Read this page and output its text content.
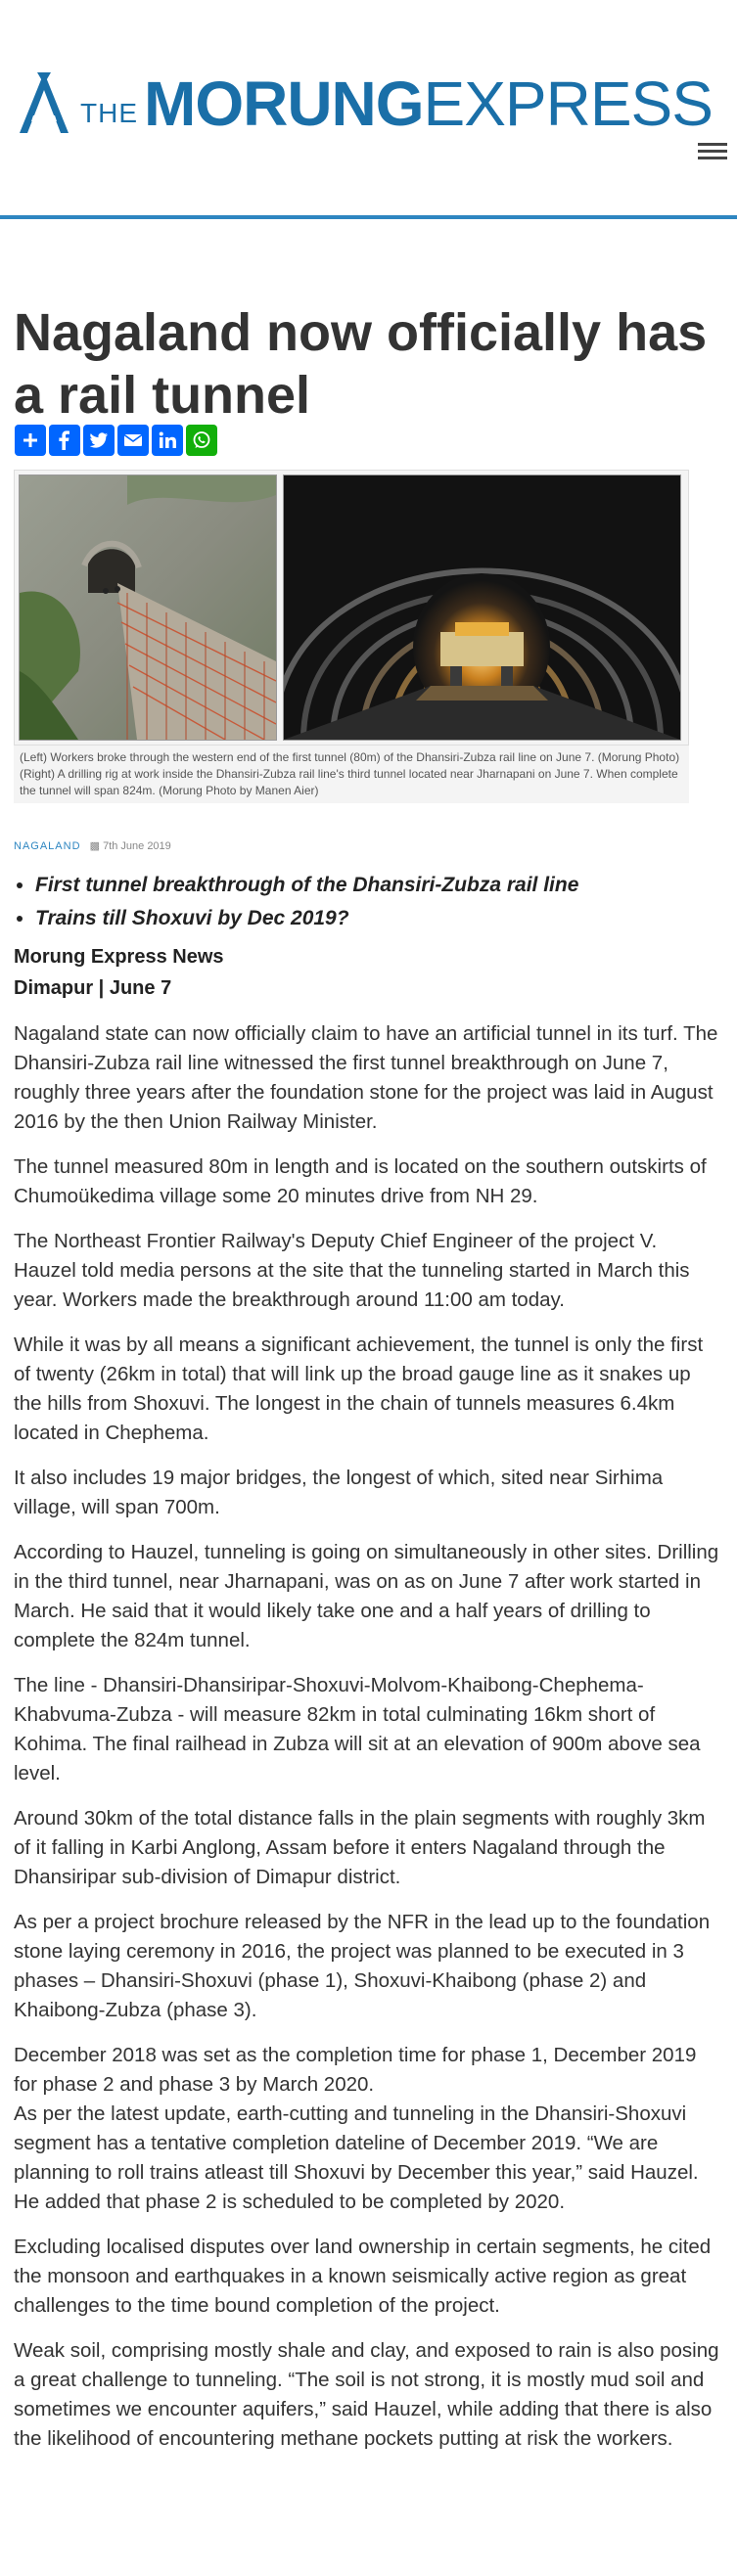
THE MORUNG EXPRESS
Nagaland now officially has a rail tunnel
(Left) Workers broke through the western end of the first tunnel (80m) of the Dhansiri-Zubza rail line on June 7. (Morung Photo) (Right) A drilling rig at work inside the Dhansiri-Zubza rail line's third tunnel located near Jharnapani on June 7. When complete the tunnel will span 824m. (Morung Photo by Manen Aier)
NAGALAND ▩ 7th June 2019
• First tunnel breakthrough of the Dhansiri-Zubza rail line
• Trains till Shoxuvi by Dec 2019?
Morung Express News
Dimapur | June 7

Nagaland state can now officially claim to have an artificial tunnel in its turf. The Dhansiri-Zubza rail line witnessed the first tunnel breakthrough on June 7, roughly three years after the foundation stone for the project was laid in August 2016 by the then Union Railway Minister.

The tunnel measured 80m in length and is located on the southern outskirts of Chumoükedima village some 20 minutes drive from NH 29.

The Northeast Frontier Railway's Deputy Chief Engineer of the project V. Hauzel told media persons at the site that the tunneling started in March this year. Workers made the breakthrough around 11:00 am today.

While it was by all means a significant achievement, the tunnel is only the first of twenty (26km in total) that will link up the broad gauge line as it snakes up the hills from Shoxuvi. The longest in the chain of tunnels measures 6.4km located in Chephema.

It also includes 19 major bridges, the longest of which, sited near Sirhima village, will span 700m.

According to Hauzel, tunneling is going on simultaneously in other sites. Drilling in the third tunnel, near Jharnapani, was on as on June 7 after work started in March. He said that it would likely take one and a half years of drilling to complete the 824m tunnel.

The line - Dhansiri-Dhansiripar-Shoxuvi-Molvom-Khaibong-Chephema-Khabvuma-Zubza - will measure 82km in total culminating 16km short of Kohima. The final railhead in Zubza will sit at an elevation of 900m above sea level.

Around 30km of the total distance falls in the plain segments with roughly 3km of it falling in Karbi Anglong, Assam before it enters Nagaland through the Dhansiripar sub-division of Dimapur district.

As per a project brochure released by the NFR in the lead up to the foundation stone laying ceremony in 2016, the project was planned to be executed in 3 phases – Dhansiri-Shoxuvi (phase 1), Shoxuvi-Khaibong (phase 2) and Khaibong-Zubza (phase 3).

December 2018 was set as the completion time for phase 1, December 2019 for phase 2 and phase 3 by March 2020.

As per the latest update, earth-cutting and tunneling in the Dhansiri-Shoxuvi segment has a tentative completion dateline of December 2019. “We are planning to roll trains atleast till Shoxuvi by December this year,” said Hauzel. He added that phase 2 is scheduled to be completed by 2020.

Excluding localised disputes over land ownership in certain segments, he cited the monsoon and earthquakes in a known seismically active region as great challenges to the time bound completion of the project.

Weak soil, comprising mostly shale and clay, and exposed to rain is also posing a great challenge to tunneling. “The soil is not strong, it is mostly mud soil and sometimes we encounter aquifers,” said Hauzel, while adding that there is also the likelihood of encountering methane pockets putting at risk the workers.
